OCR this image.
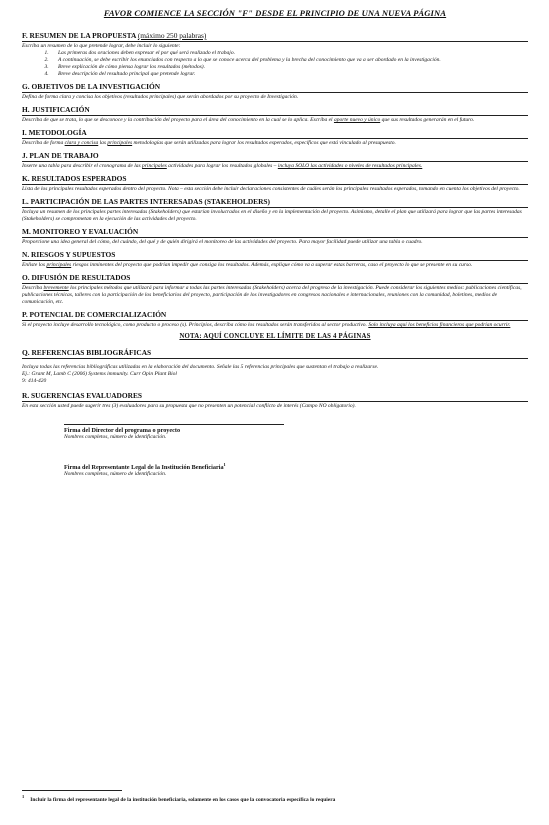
FAVOR COMIENCE LA SECCIÓN "F" DESDE EL PRINCIPIO DE UNA NUEVA PÁGINA
F. RESUMEN DE LA PROPUESTA (máximo 250 palabras)
Escriba un resumen de lo que pretende lograr, debe incluir lo siguiente:
1. Las primeras dos oraciones deben expresar el por qué será realizado el trabajo.
2. A continuación, se debe escribir los enunciados con respecto a lo que se conoce acerca del problema y la brecha del conocimiento que va a ser abordado en la investigación.
3. Breve explicación de cómo piensa lograr los resultados (métodos).
4. Breve descripción del resultado principal que pretende lograr.
G. OBJETIVOS DE LA INVESTIGACIÓN
Defina de forma clara y concisa los objetivos (resultados principales) que serán abordados por su proyecto de Investigación.
H. JUSTIFICACIÓN
Describa de que se trata, lo que se desconoce y la contribución del proyecto para el área del conocimiento en la cual se lo aplica. Escriba el aporte nuevo y único que sus resultados generarán en el futuro.
I. METODOLOGÍA
Describa de forma clara y concisa las principales metodologías que serán utilizadas para lograr los resultados esperados, específicos que está vinculado al presupuesto.
J. PLAN DE TRABAJO
Inserte una tabla para describir el cronograma de las principales actividades para lograr los resultados globales – incluya SOLO las actividades o niveles de resultados principales.
K. RESULTADOS ESPERADOS
Lista de los principales resultados esperados dentro del proyecto. Nota – esta sección debe incluir declaraciones consistentes de cuáles serán los principales resultados esperados, tomando en cuenta los objetivos del proyecto.
L. PARTICIPACIÓN DE LAS PARTES INTERESADAS (STAKEHOLDERS)
Incluya un resumen de los principales partes interesadas (Stakeholders) que estarían involucrados en el diseño y en la implementación del proyecto. Asimismo, detalle el plan que utilizará para lograr que las partes interesadas (Stakeholders) se comprometan en la ejecución de las actividades del proyecto.
M. MONITOREO Y EVALUACIÓN
Proporcione una idea general del cómo, del cuándo, del qué y de quién dirigirá el monitoreo de las actividades del proyecto. Para mayor facilidad puede utilizar una tabla o cuadro.
N. RIESGOS Y SUPUESTOS
Enliste los principales riesgos inminentes del proyecto que podrían impedir que consiga los resultados. Además, explique cómo va a superar estas barreras, caso el proyecto lo que se presente en su curso.
O. DIFUSIÓN DE RESULTADOS
Describa brevemente los principales métodos que utilizará para informar a todas las partes interesadas (Stakeholders) acerca del progreso de la investigación. Puede considerar los siguientes medios: publicaciones científicas, publicaciones técnicas, talleres con la participación de los beneficiarios del proyecto, participación de los investigadores en congresos nacionales e internacionales, reuniones con la comunidad, boletines, medios de comunicación, etc.
P. POTENCIAL DE COMERCIALIZACIÓN
Si el proyecto incluye desarrollo tecnológico, como producto o proceso (s). Principios, describa cómo los resultados serán transferidos al sector productivo. Solo incluya aquí los beneficios financieros que podrían ocurrir.
NOTA: AQUÍ CONCLUYE EL LÍMITE DE LAS 4 PÁGINAS
Q. REFERENCIAS BIBLIOGRÁFICAS
Incluya todas las referencias bibliográficas utilizadas en la elaboración del documento. Señale las 5 referencias principales que sustentan el trabajo a realizarse.
Ej.: Grant M, Lamb C (2006) Systems immunity. Curr Opin Plant Biol
9: 414-420
R. SUGERENCIAS EVALUADORES
En esta sección usted puede sugerir tres (3) evaluadores para su propuesta que no presenten un potencial conflicto de interés (Campo NO obligatorio).
Firma del Director del programa o proyecto
Nombres completos, número de identificación.
Firma del Representante Legal de la Institución Beneficiaria$^1$
Nombres completos, número de identificación.
$^1$Incluir la firma del representante legal de la institución beneficiaria, solamente en los casos que la convocatoria específica lo requiera
